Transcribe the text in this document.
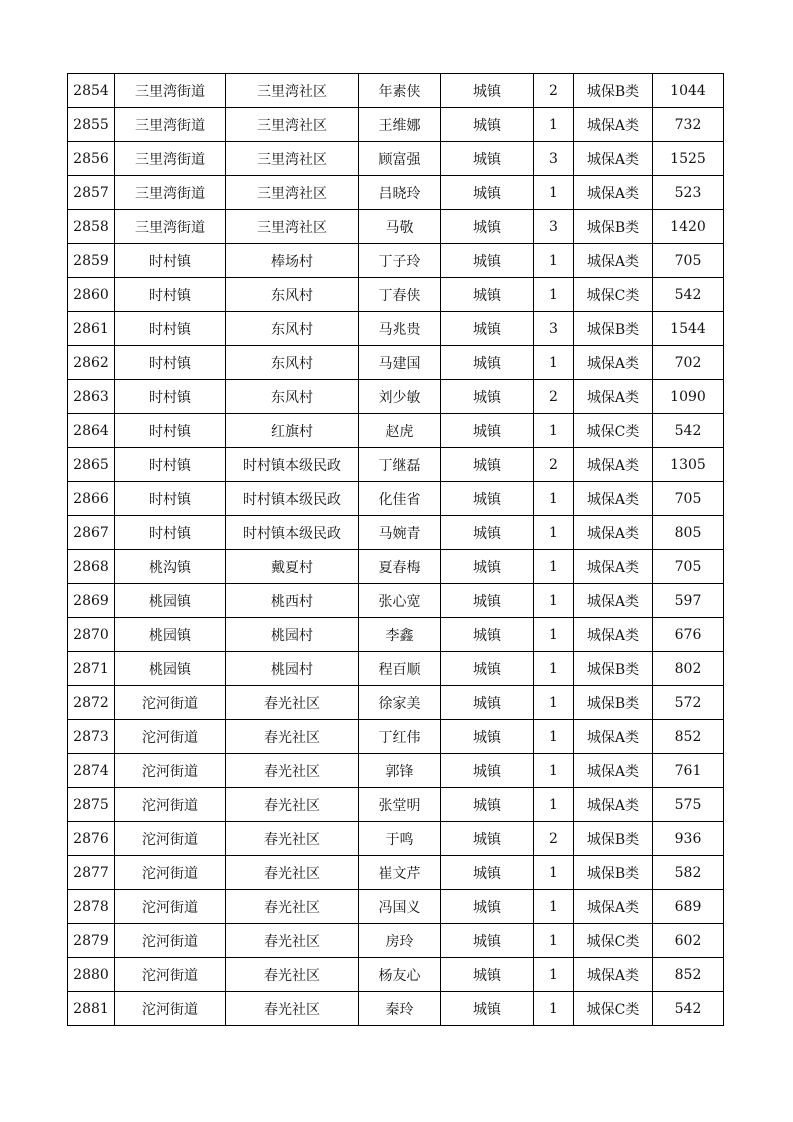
2854	三里湾街道	三里湾社区	年素侠	城镇	2	城保B类	1044
2855	三里湾街道	三里湾社区	王维娜	城镇	1	城保A类	732
2856	三里湾街道	三里湾社区	顾富强	城镇	3	城保A类	1525
2857	三里湾街道	三里湾社区	吕晓玲	城镇	1	城保A类	523
2858	三里湾街道	三里湾社区	马敬	城镇	3	城保B类	1420
2859	时村镇	棒场村	丁子玲	城镇	1	城保A类	705
2860	时村镇	东风村	丁春侠	城镇	1	城保C类	542
2861	时村镇	东风村	马兆贵	城镇	3	城保B类	1544
2862	时村镇	东风村	马建国	城镇	1	城保A类	702
2863	时村镇	东风村	刘少敏	城镇	2	城保A类	1090
2864	时村镇	红旗村	赵虎	城镇	1	城保C类	542
2865	时村镇	时村镇本级民政	丁继磊	城镇	2	城保A类	1305
2866	时村镇	时村镇本级民政	化佳省	城镇	1	城保A类	705
2867	时村镇	时村镇本级民政	马婉青	城镇	1	城保A类	805
2868	桃沟镇	戴夏村	夏春梅	城镇	1	城保A类	705
2869	桃园镇	桃西村	张心宽	城镇	1	城保A类	597
2870	桃园镇	桃园村	李鑫	城镇	1	城保A类	676
2871	桃园镇	桃园村	程百顺	城镇	1	城保B类	802
2872	沱河街道	春光社区	徐家美	城镇	1	城保B类	572
2873	沱河街道	春光社区	丁红伟	城镇	1	城保A类	852
2874	沱河街道	春光社区	郭锋	城镇	1	城保A类	761
2875	沱河街道	春光社区	张堂明	城镇	1	城保A类	575
2876	沱河街道	春光社区	于鸣	城镇	2	城保B类	936
2877	沱河街道	春光社区	崔文芹	城镇	1	城保B类	582
2878	沱河街道	春光社区	冯国义	城镇	1	城保A类	689
2879	沱河街道	春光社区	房玲	城镇	1	城保C类	602
2880	沱河街道	春光社区	杨友心	城镇	1	城保A类	852
2881	沱河街道	春光社区	秦玲	城镇	1	城保C类	542
